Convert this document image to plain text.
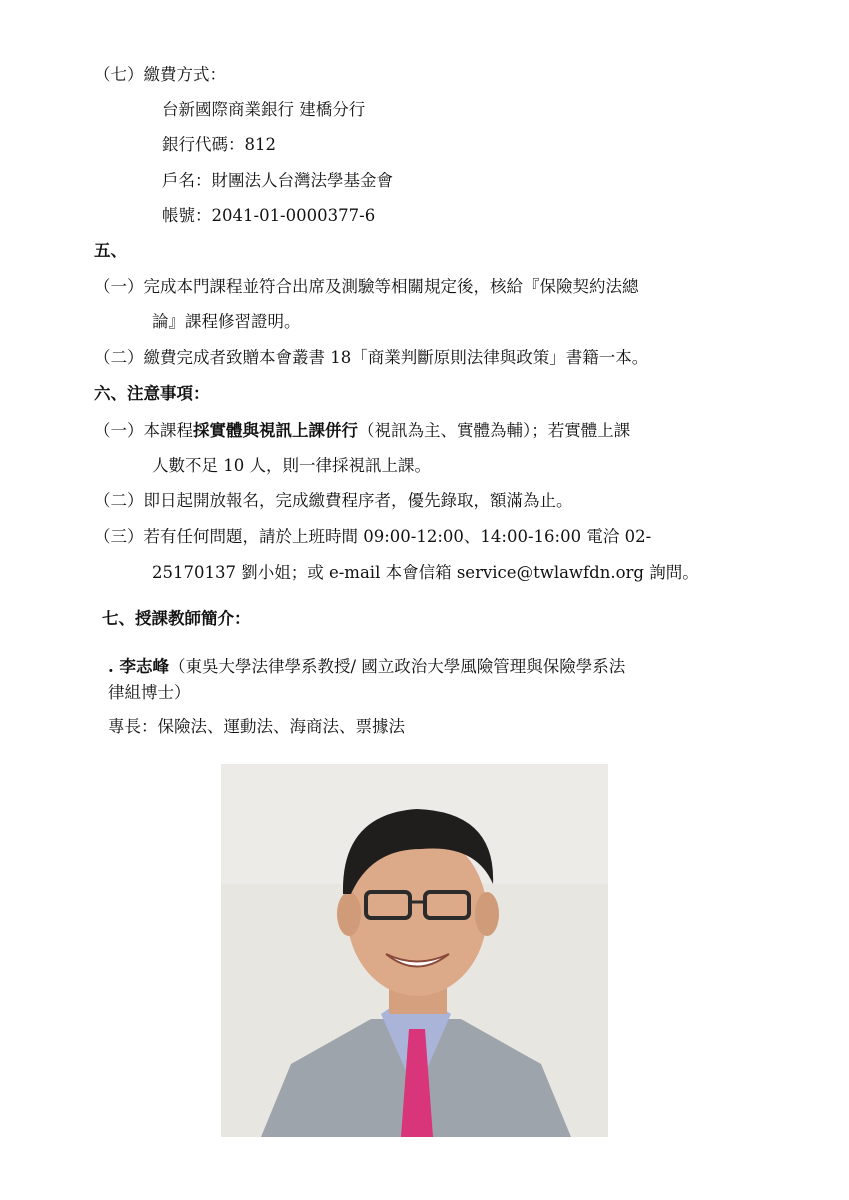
（七）繳費方式：
台新國際商業銀行 建橋分行
銀行代碼：812
戶名：財團法人台灣法學基金會
帳號：2041-01-0000377-6
五、
（一）完成本門課程並符合出席及測驗等相關規定後，核給『保險契約法總
論』課程修習證明。
（二）繳費完成者致贈本會叢書 18「商業判斷原則法律與政策」書籍一本。
六、注意事項：
（一）本課程採實體與視訊上課併行（視訊為主、實體為輔）；若實體上課
人數不足 10 人，則一律採視訊上課。
（二）即日起開放報名，完成繳費程序者，優先錄取，額滿為止。
（三）若有任何問題，請於上班時間 09:00-12:00、14:00-16:00 電洽 02-
25170137 劉小姐；或 e-mail 本會信箱 service@twlawfdn.org 詢問。
七、授課教師簡介：
. 李志峰（東吳大學法律學系教授/ 國立政治大學風險管理與保險學系法
律組博士）
專長：保險法、運動法、海商法、票據法
